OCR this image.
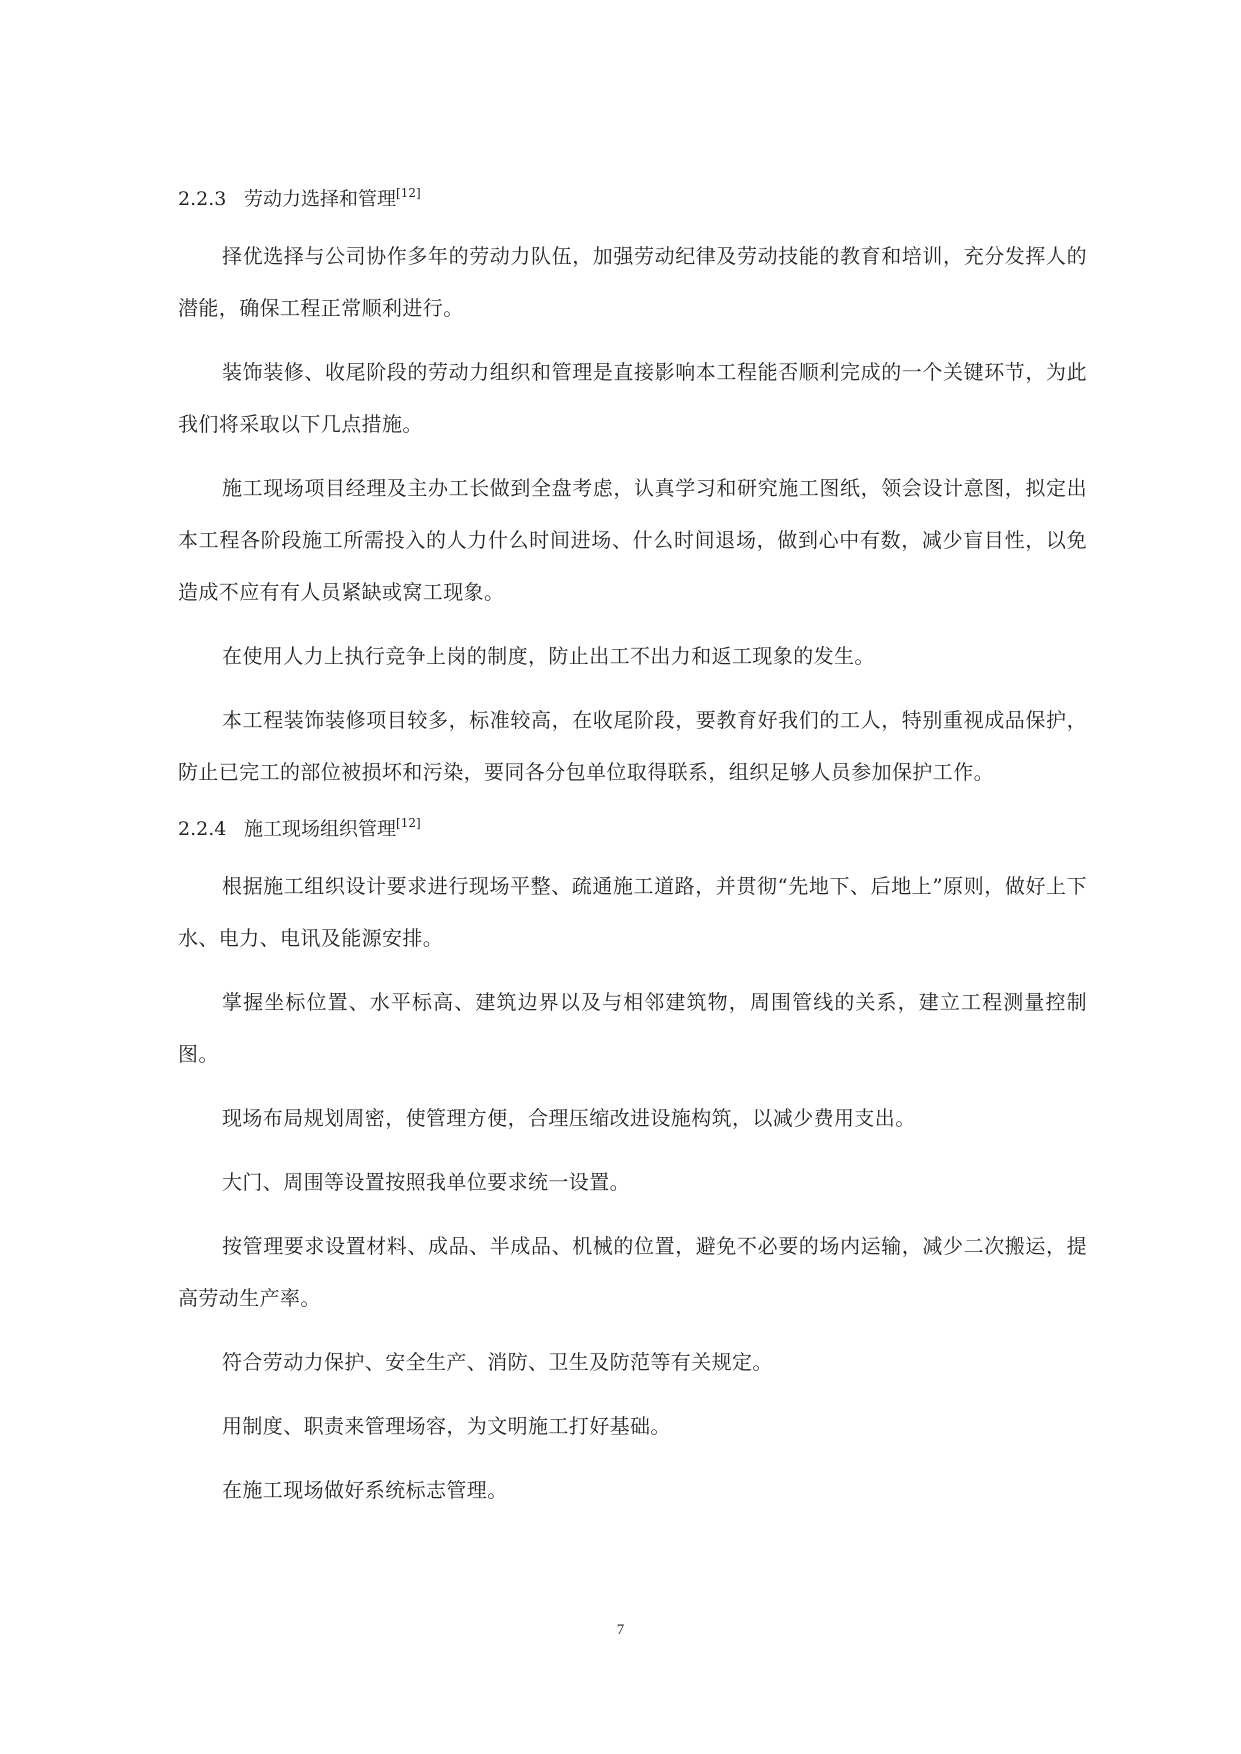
2.2.3 劳动力选择和管理[12]

择优选择与公司协作多年的劳动力队伍，加强劳动纪律及劳动技能的教育和培训，充分发挥人的潜能，确保工程正常顺利进行。

装饰装修、收尾阶段的劳动力组织和管理是直接影响本工程能否顺利完成的一个关键环节，为此我们将采取以下几点措施。

施工现场项目经理及主办工长做到全盘考虑，认真学习和研究施工图纸，领会设计意图，拟定出本工程各阶段施工所需投入的人力什么时间进场、什么时间退场，做到心中有数，减少盲目性，以免造成不应有有人员紧缺或窝工现象。

在使用人力上执行竞争上岗的制度，防止出工不出力和返工现象的发生。

本工程装饰装修项目较多，标准较高，在收尾阶段，要教育好我们的工人，特别重视成品保护，防止已完工的部位被损坏和污染，要同各分包单位取得联系，组织足够人员参加保护工作。

2.2.4 施工现场组织管理[12]

根据施工组织设计要求进行现场平整、疏通施工道路，并贯彻“先地下、后地上”原则，做好上下水、电力、电讯及能源安排。

掌握坐标位置、水平标高、建筑边界以及与相邻建筑物，周围管线的关系，建立工程测量控制图。

现场布局规划周密，使管理方便，合理压缩改进设施构筑，以减少费用支出。

大门、周围等设置按照我单位要求统一设置。

按管理要求设置材料、成品、半成品、机械的位置，避免不必要的场内运输，减少二次搬运，提高劳动生产率。

符合劳动力保护、安全生产、消防、卫生及防范等有关规定。

用制度、职责来管理场容，为文明施工打好基础。

在施工现场做好系统标志管理。

7
